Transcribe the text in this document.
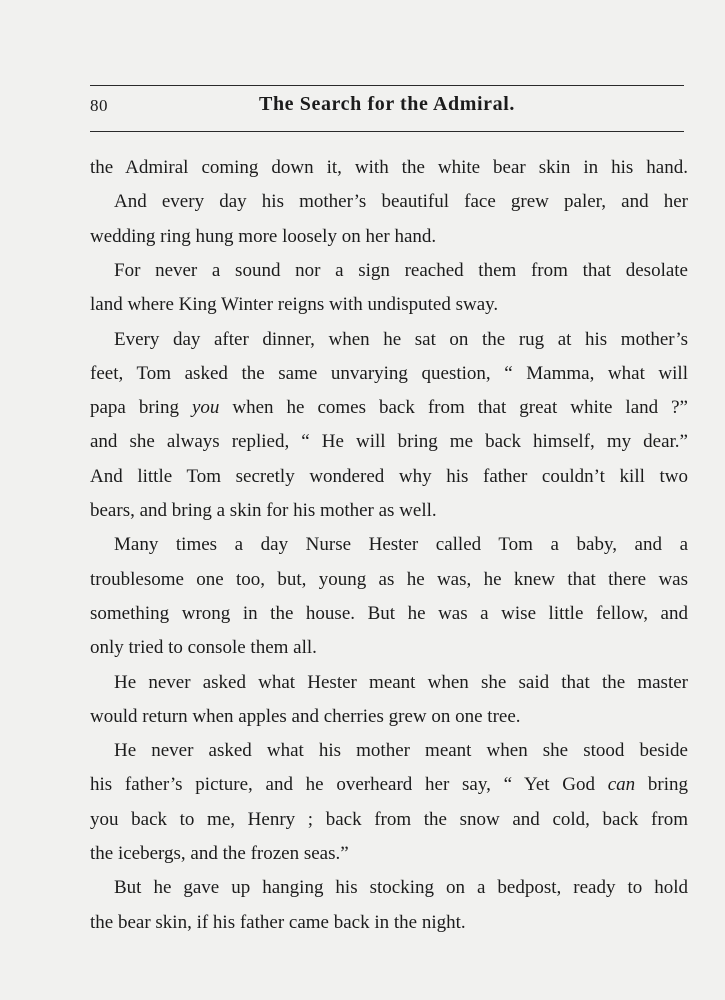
80	The Search for the Admiral.
the Admiral coming down it, with the white bear skin in his hand.
And every day his mother’s beautiful face grew paler, and her
wedding ring hung more loosely on her hand.
For never a sound nor a sign reached them from that desolate
land where King Winter reigns with undisputed sway.
Every day after dinner, when he sat on the rug at his mother’s
feet, Tom asked the same unvarying question, “ Mamma, what will
papa bring you when he comes back from that great white land ?”
and she always replied, “ He will bring me back himself, my dear.”
And little Tom secretly wondered why his father couldn’t kill two
bears, and bring a skin for his mother as well.
Many times a day Nurse Hester called Tom a baby, and a
troublesome one too, but, young as he was, he knew that there was
something wrong in the house. But he was a wise little fellow, and
only tried to console them all.
He never asked what Hester meant when she said that the master
would return when apples and cherries grew on one tree.
He never asked what his mother meant when she stood beside
his father’s picture, and he overheard her say, “ Yet God can bring
you back to me, Henry ; back from the snow and cold, back from
the icebergs, and the frozen seas.”
But he gave up hanging his stocking on a bedpost, ready to hold
the bear skin, if his father came back in the night.
